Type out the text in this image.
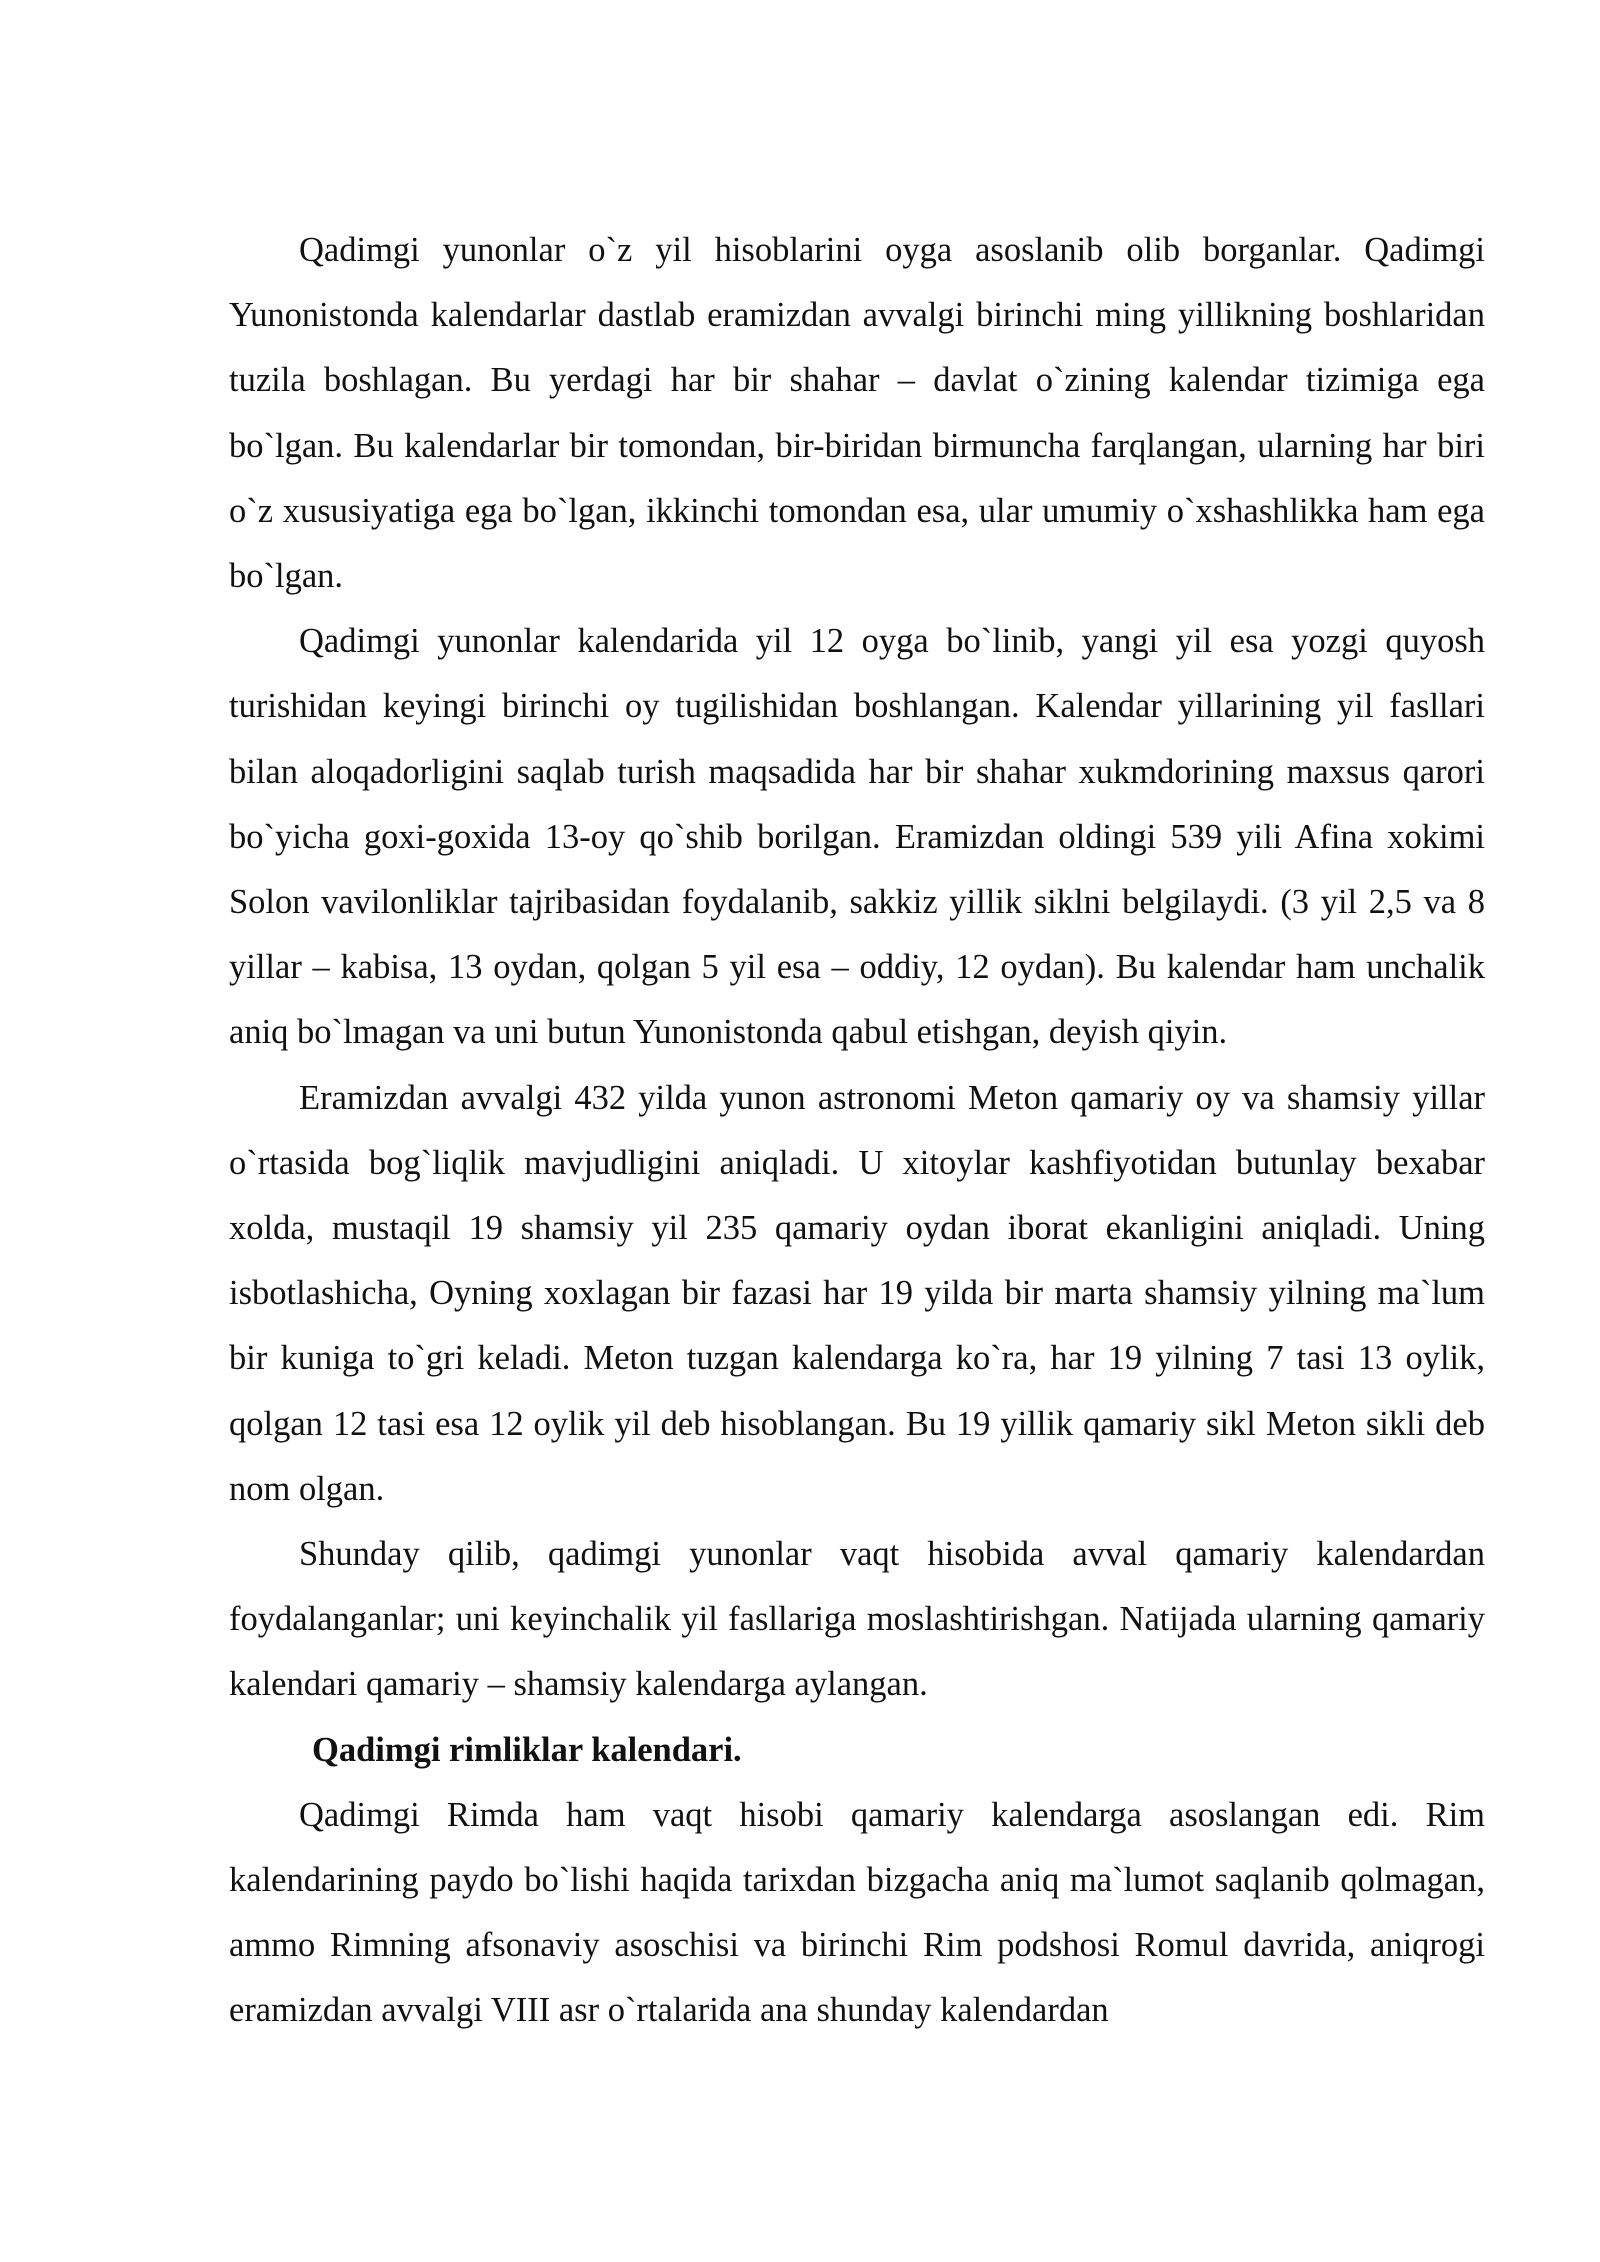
Qadimgi yunonlar o`z yil hisoblarini oyga asoslanib olib borganlar. Qadimgi Yunonistonda kalendarlar dastlab eramizdan avvalgi birinchi ming yillikning boshlaridan tuzila boshlagan. Bu yerdagi har bir shahar – davlat o`zining kalendar tizimiga ega bo`lgan. Bu kalendarlar bir tomondan, bir-biridan birmuncha farqlangan, ularning har biri o`z xususiyatiga ega bo`lgan, ikkinchi tomondan esa, ular umumiy o`xshashlikka ham ega bo`lgan.

Qadimgi yunonlar kalendarida yil 12 oyga bo`linib, yangi yil esa yozgi quyosh turishidan keyingi birinchi oy tugilishidan boshlangan. Kalendar yillarining yil fasllari bilan aloqadorligini saqlab turish maqsadida har bir shahar xukmdorining maxsus qarori bo`yicha goxi-goxida 13-oy qo`shib borilgan. Eramizdan oldingi 539 yili Afina xokimi Solon vavilonliklar tajribasidan foydalanib, sakkiz yillik siklni belgilaydi. (3 yil 2,5 va 8 yillar – kabisa, 13 oydan, qolgan 5 yil esa – oddiy, 12 oydan). Bu kalendar ham unchalik aniq bo`lmagan va uni butun Yunonistonda qabul etishgan, deyish qiyin.

Eramizdan avvalgi 432 yilda yunon astronomi Meton qamariy oy va shamsiy yillar o`rtasida bog`liqlik mavjudligini aniqladi. U xitoylar kashfiyotidan butunlay bexabar xolda, mustaqil 19 shamsiy yil 235 qamariy oydan iborat ekanligini aniqladi. Uning isbotlashicha, Oyning xoxlagan bir fazasi har 19 yilda bir marta shamsiy yilning ma`lum bir kuniga to`gri keladi. Meton tuzgan kalendarga ko`ra, har 19 yilning 7 tasi 13 oylik, qolgan 12 tasi esa 12 oylik yil deb hisoblangan. Bu 19 yillik qamariy sikl Meton sikli deb nom olgan.

Shunday qilib, qadimgi yunonlar vaqt hisobida avval qamariy kalendardan foydalanganlar; uni keyinchalik yil fasllariga moslashtirishgan. Natijada ularning qamariy kalendari qamariy – shamsiy kalendarga aylangan.

Qadimgi rimliklar kalendari.

Qadimgi Rimda ham vaqt hisobi qamariy kalendarga asoslangan edi. Rim kalendarining paydo bo`lishi haqida tarixdan bizgacha aniq ma`lumot saqlanib qolmagan, ammo Rimning afsonaviy asoschisi va birinchi Rim podshosi Romul davrida, aniqrogi eramizdan avvalgi VIII asr o`rtalarida ana shunday kalendardan
